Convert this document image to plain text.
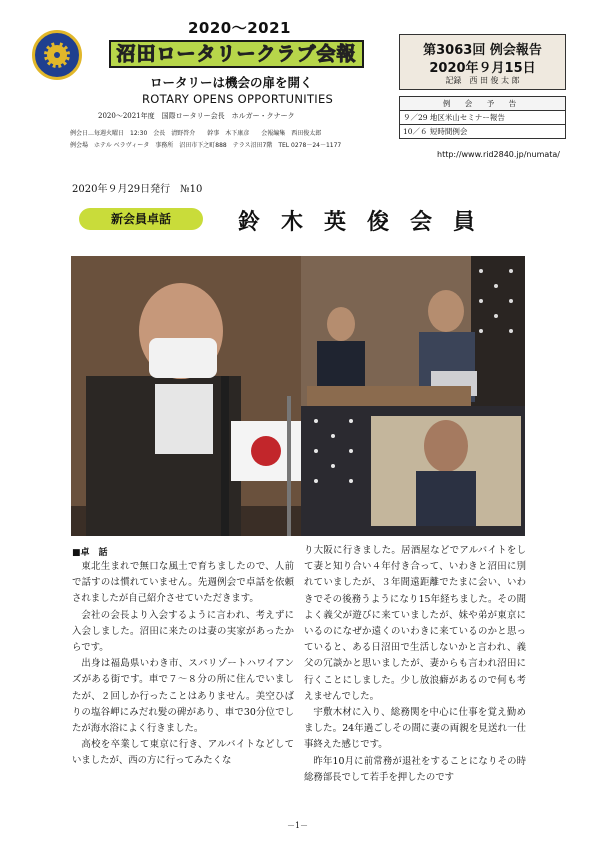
2020～2021
沼田ロータリークラブ会報
ロータリーは機会の扉を開く
ROTARY OPENS OPPORTUNITIES
2020～2021年度　国際ロータリー会長　ホルガー・クナーク
例会日…毎週火曜日　12:30　会長　清野啓介　　幹事　木下康彦　　会報編集　西田俊太郎
例会場　ホテル ベラヴィータ　事務所　沼田市下之町888　テラス沼田7階　TEL 0278－24－1177
第3063回 例会報告
2020年９月15日
記録　西 田 俊 太 郎
例 会 予 告
９／29 地区米山セミナー報告
10／６ 短時間例会
http://www.rid2840.jp/numata/
2020年９月29日発行　№10
新会員卓話	鈴木英俊会員
■卓　話

東北生まれで無口な風土で育ちましたので、人前で話すのは慣れていません。先週例会で卓話を依頼されましたが自己紹介させていただきます。

会社の会長より入会するように言われ、考えずに入会しました。沼田に来たのは妻の実家があったからです。

出身は福島県いわき市、スパリゾートハワイアンズがある街です。車で７～８分の所に住んでいましたが、２回しか行ったことはありません。美空ひばりの塩谷岬にみだれ髪の碑があり、車で30分位でしたが海水浴によく行きました。

高校を卒業して東京に行き、アルバイトなどしていましたが、西の方に行ってみたくな

り大阪に行きました。居酒屋などでアルバイトをして妻と知り合い４年付き合って、いわきと沼田に別れていましたが、３年間遠距離でたまに会い、いわきでその後務うようになり15年経ちました。その間よく義父が遊びに来ていましたが、妹や弟が東京にいるのになぜか遠くのいわきに来ているのかと思っていると、ある日沼田で生活しないかと言われ、義父の冗談かと思いましたが、妻からも言われ沼田に行くことにしました。少し放浪癖があるので何も考えませんでした。

宇敷木材に入り、総務関を中心に仕事を覚え勤めました。24年過ごしその間に妻の両親を見送れ一仕事終えた感じです。

昨年10月に前常務が退社をすることになりその時総務部長でして若手を押したのです

－1－
